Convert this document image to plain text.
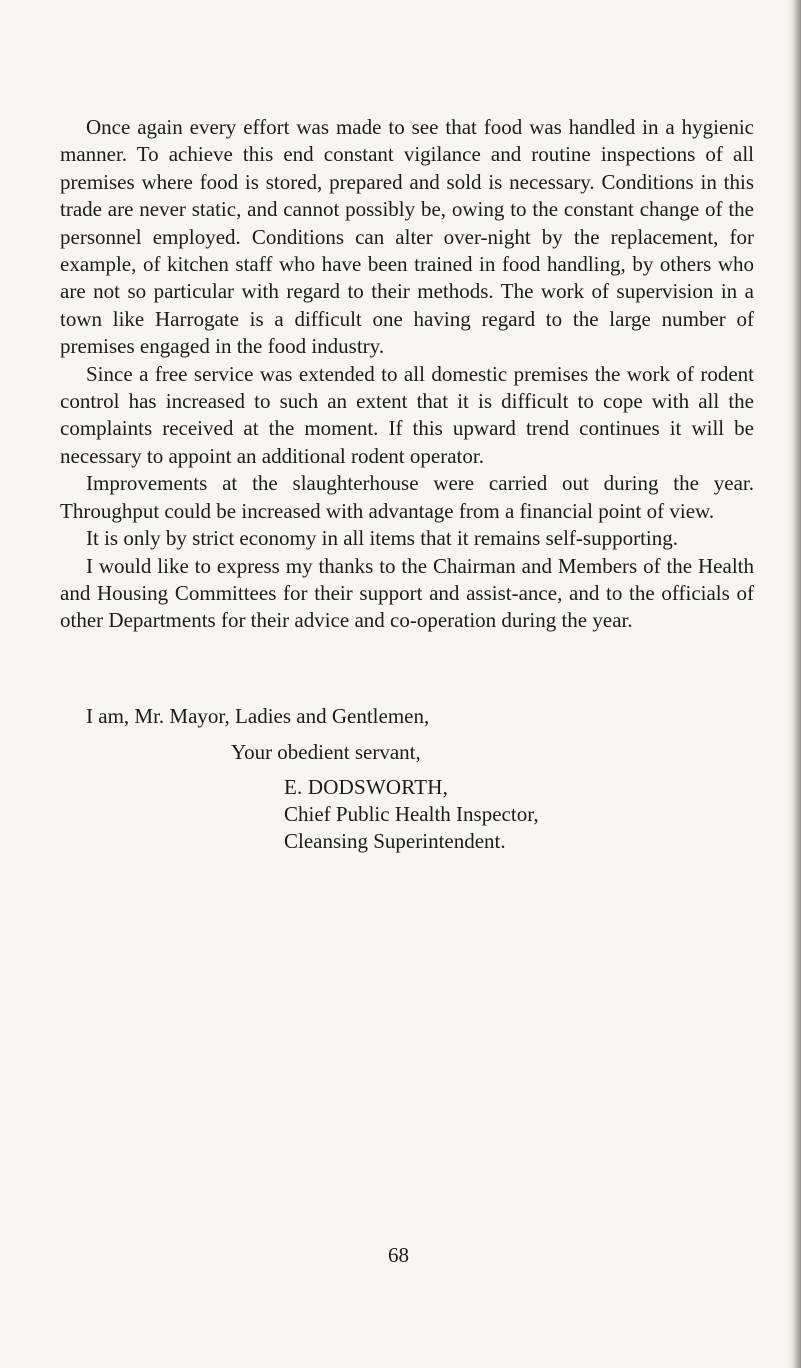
Once again every effort was made to see that food was handled in a hygienic manner. To achieve this end constant vigilance and routine inspections of all premises where food is stored, prepared and sold is necessary. Conditions in this trade are never static, and cannot possibly be, owing to the constant change of the personnel employed. Conditions can alter over-night by the replacement, for example, of kitchen staff who have been trained in food handling, by others who are not so particular with regard to their methods. The work of supervision in a town like Harrogate is a difficult one having regard to the large number of premises engaged in the food industry.

Since a free service was extended to all domestic premises the work of rodent control has increased to such an extent that it is difficult to cope with all the complaints received at the moment. If this upward trend continues it will be necessary to appoint an additional rodent operator.

Improvements at the slaughterhouse were carried out during the year. Throughput could be increased with advantage from a financial point of view.

It is only by strict economy in all items that it remains self-supporting.

I would like to express my thanks to the Chairman and Members of the Health and Housing Committees for their support and assist-ance, and to the officials of other Departments for their advice and co-operation during the year.

I am, Mr. Mayor, Ladies and Gentlemen,

Your obedient servant,

E. DODSWORTH,

Chief Public Health Inspector,

Cleansing Superintendent.

68
